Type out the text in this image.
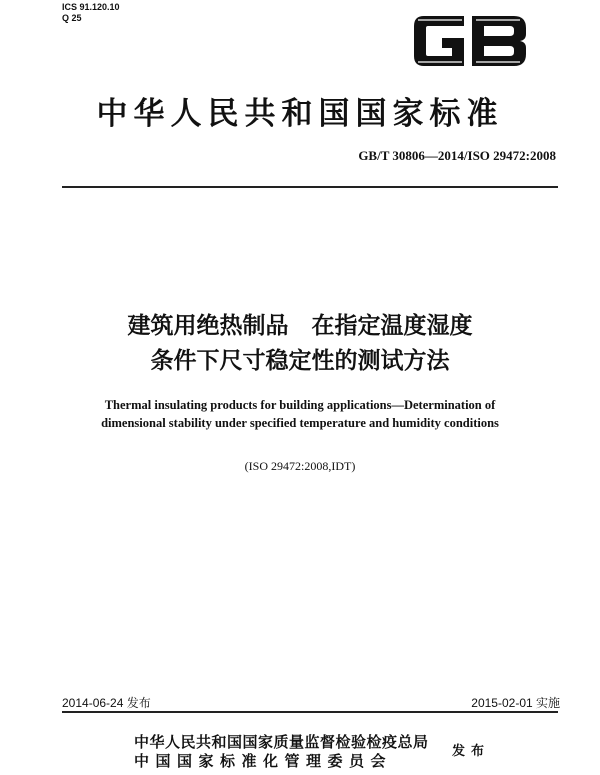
ICS 91.120.10
Q 25
中华人民共和国国家标准
GB/T 30806—2014/ISO 29472:2008
建筑用绝热制品　在指定温度湿度
条件下尺寸稳定性的测试方法
Thermal insulating products for building applications—Determination of
dimensional stability under specified temperature and humidity conditions
(ISO 29472:2008,IDT)
2014-06-24 发布	2015-02-01 实施
中华人民共和国国家质量监督检验检疫总局
中国国家标准化管理委员会
发布
